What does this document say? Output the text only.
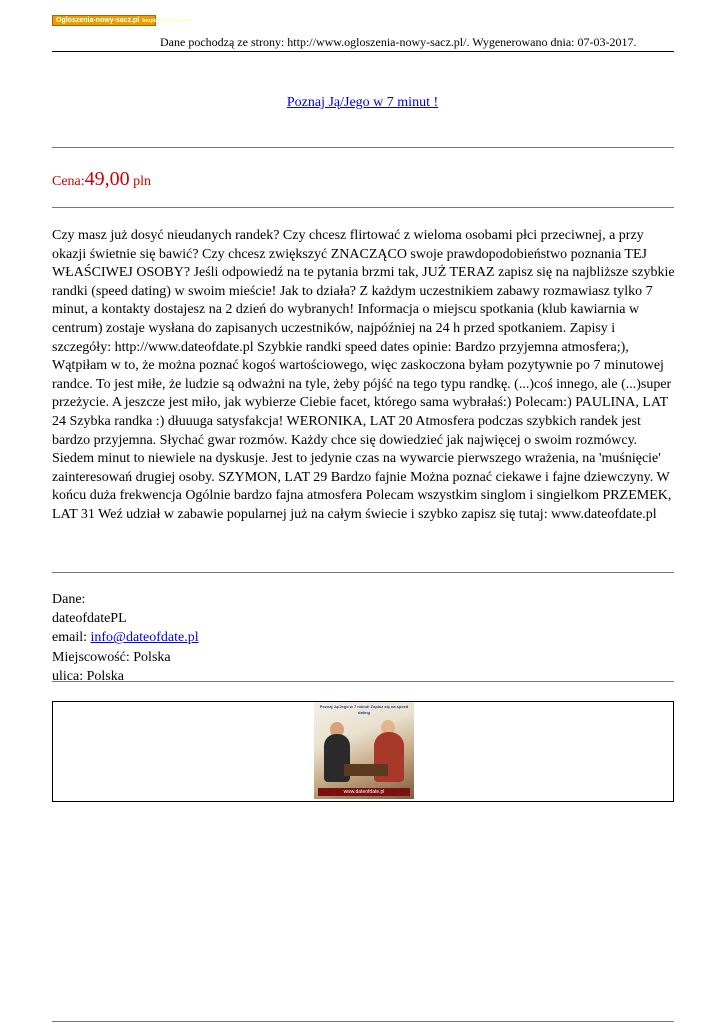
Ogloszenia-nowy-sacz.pl bezpłatne ogłoszenia
Dane pochodzą ze strony: http://www.ogloszenia-nowy-sacz.pl/. Wygenerowano dnia: 07-03-2017.
Poznaj Ją/Jego w 7 minut !
Cena:49,00 pln
Czy masz już dosyć nieudanych randek? Czy chcesz flirtować z wieloma osobami płci przeciwnej, a przy okazji świetnie się bawić? Czy chcesz zwiększyć ZNACZĄCO swoje prawdopodobieństwo poznania TEJ WŁAŚCIWEJ OSOBY? Jeśli odpowiedź na te pytania brzmi tak, JUŻ TERAZ zapisz się na najbliższe szybkie randki (speed dating) w swoim mieście! Jak to działa? Z każdym uczestnikiem zabawy rozmawiasz tylko 7 minut, a kontakty dostajesz na 2 dzień do wybranych! Informacja o miejscu spotkania (klub kawiarnia w centrum) zostaje wysłana do zapisanych uczestników, najpóźniej na 24 h przed spotkaniem. Zapisy i szczegóły: http://www.dateofdate.pl Szybkie randki speed dates opinie: Bardzo przyjemna atmosfera;), Wątpiłam w to, że można poznać kogoś wartościowego, więc zaskoczona byłam pozytywnie po 7 minutowej randce. To jest miłe, że ludzie są odważni na tyle, żeby pójść na tego typu randkę. (...)coś innego, ale (...)super przeżycie. A jeszcze jest miło, jak wybierze Ciebie facet, którego sama wybrałaś:) Polecam:) PAULINA, LAT 24 Szybka randka :) dłuuuga satysfakcja! WERONIKA, LAT 20 Atmosfera podczas szybkich randek jest bardzo przyjemna. Słychać gwar rozmów. Każdy chce się dowiedzieć jak najwięcej o swoim rozmówcy. Siedem minut to niewiele na dyskusje. Jest to jedynie czas na wywarcie pierwszego wrażenia, na 'muśnięcie' zainteresowań drugiej osoby. SZYMON, LAT 29 Bardzo fajnie Można poznać ciekawe i fajne dziewczyny. W końcu duża frekwencja Ogólnie bardzo fajna atmosfera Polecam wszystkim singlom i singielkom PRZEMEK, LAT 31 Weź udział w zabawie popularnej już na całym świecie i szybko zapisz się tutaj: www.dateofdate.pl
Dane:
dateofdatePL
email: info@dateofdate.pl
Miejscowość: Polska
ulica: Polska
Poznaj Ją/Jego w 7 minut! Zapisz się na speed dating
www.dateofdate.pl
